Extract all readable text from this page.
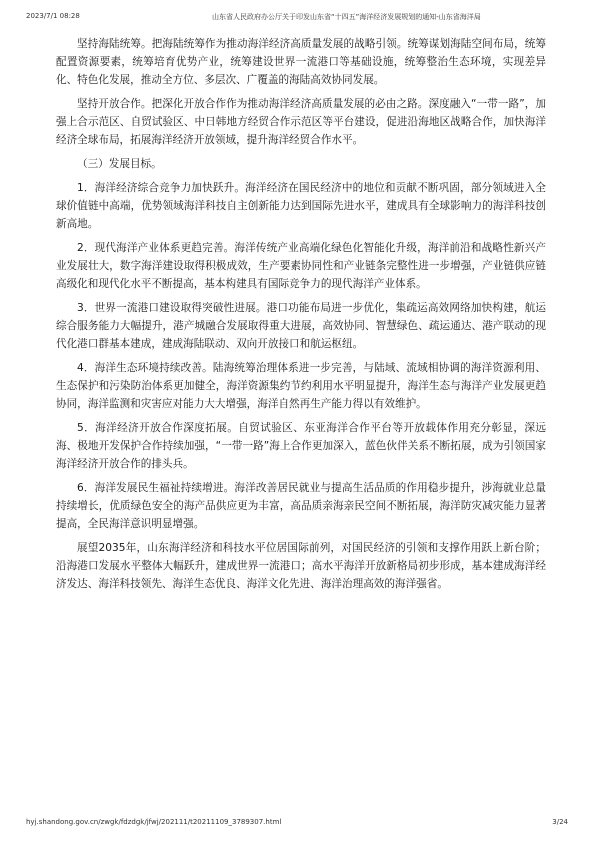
2023/7/1 08:28	山东省人民政府办公厅关于印发山东省“十四五”海洋经济发展规划的通知-山东省海洋局

坚持海陆统筹。把海陆统筹作为推动海洋经济高质量发展的战略引领。统筹谋划海陆空间布局，统筹配置资源要素，统筹培育优势产业，统筹建设世界一流港口等基础设施，统筹整治生态环境，实现差异化、特色化发展，推动全方位、多层次、广覆盖的海陆高效协同发展。

坚持开放合作。把深化开放合作作为推动海洋经济高质量发展的必由之路。深度融入“一带一路”，加强上合示范区、自贸试验区、中日韩地方经贸合作示范区等平台建设，促进沿海地区战略合作，加快海洋经济全球布局，拓展海洋经济开放领域，提升海洋经贸合作水平。

（三）发展目标。

1．海洋经济综合竞争力加快跃升。海洋经济在国民经济中的地位和贡献不断巩固，部分领域进入全球价值链中高端，优势领域海洋科技自主创新能力达到国际先进水平，建成具有全球影响力的海洋科技创新高地。

2．现代海洋产业体系更趋完善。海洋传统产业高端化绿色化智能化升级，海洋前沿和战略性新兴产业发展壮大，数字海洋建设取得积极成效，生产要素协同性和产业链条完整性进一步增强，产业链供应链高级化和现代化水平不断提高，基本构建具有国际竞争力的现代海洋产业体系。

3．世界一流港口建设取得突破性进展。港口功能布局进一步优化，集疏运高效网络加快构建，航运综合服务能力大幅提升，港产城融合发展取得重大进展，高效协同、智慧绿色、疏运通达、港产联动的现代化港口群基本建成，建成海陆联动、双向开放接口和航运枢纽。

4．海洋生态环境持续改善。陆海统筹治理体系进一步完善，与陆域、流域相协调的海洋资源利用、生态保护和污染防治体系更加健全，海洋资源集约节约利用水平明显提升，海洋生态与海洋产业发展更趋协同，海洋监测和灾害应对能力大大增强，海洋自然再生产能力得以有效维护。

5．海洋经济开放合作深度拓展。自贸试验区、东亚海洋合作平台等开放载体作用充分彰显，深远海、极地开发保护合作持续加强，“一带一路”海上合作更加深入，蓝色伙伴关系不断拓展，成为引领国家海洋经济开放合作的排头兵。

6．海洋发展民生福祉持续增进。海洋改善居民就业与提高生活品质的作用稳步提升，涉海就业总量持续增长，优质绿色安全的海产品供应更为丰富，高品质亲海亲民空间不断拓展，海洋防灾减灾能力显著提高，全民海洋意识明显增强。

展望2035年，山东海洋经济和科技水平位居国际前列，对国民经济的引领和支撑作用跃上新台阶；沿海港口发展水平整体大幅跃升，建成世界一流港口；高水平海洋开放新格局初步形成，基本建成海洋经济发达、海洋科技领先、海洋生态优良、海洋文化先进、海洋治理高效的海洋强省。

hyj.shandong.gov.cn/zwgk/fdzdgk/jfwj/202111/t20211109_3789307.html	3/24
